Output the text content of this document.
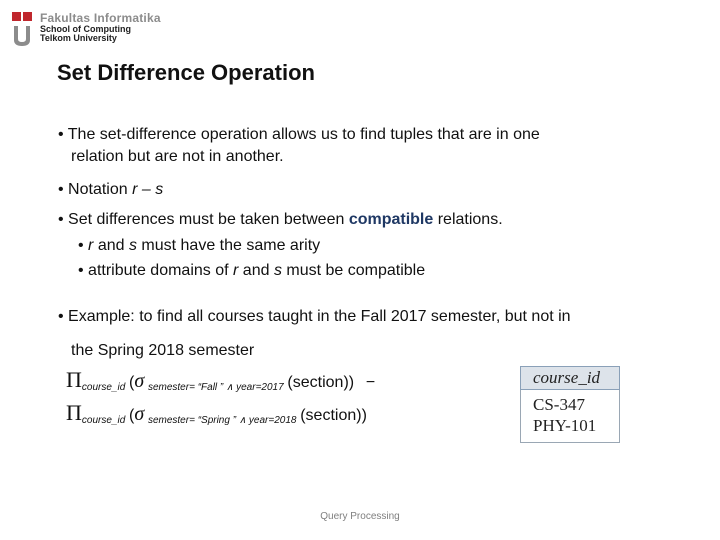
Fakultas Informatika
School of Computing
Telkom University
Set Difference Operation
• The set-difference operation allows us to find tuples that are in one
relation but are not in another.
• Notation r – s
• Set differences must be taken between compatible relations.
• r and s must have the same arity
• attribute domains of r and s must be compatible
• Example: to find all courses taught in the Fall 2017 semester, but not in
the Spring 2018 semester
$\Pi_{course\_id}$ (σ $_{semester= “Fall ” \wedge year=2017}$ (section)) −
$\Pi_{course\_id}$ (σ $_{semester= “Spring ” \wedge year=2018}$ (section))
course_id
CS-347
PHY-101
Query Processing
